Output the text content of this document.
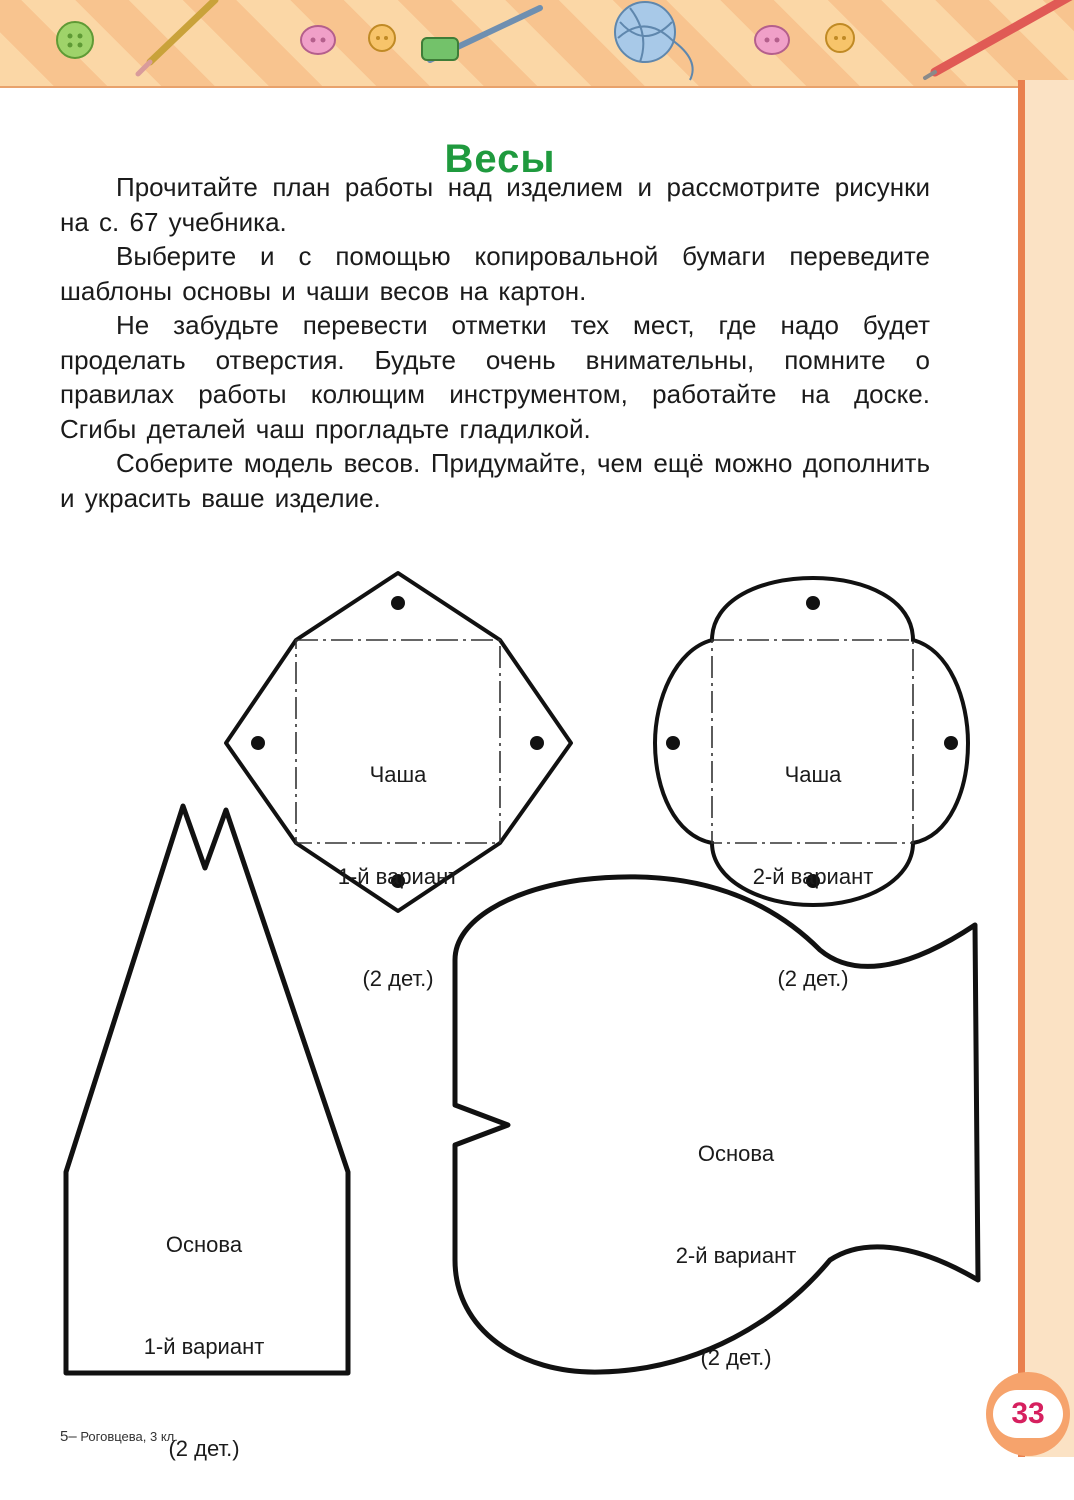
Весы

Прочитайте план работы над изделием и рассмотрите рисунки на с. 67 учебника.

Выберите и с помощью копировальной бумаги переведите шаблоны основы и чаши весов на картон.

Не забудьте перевести отметки тех мест, где надо будет проделать отверстия. Будьте очень внимательны, помните о правилах работы колющим инструментом, работайте на доске. Сгибы деталей чаш прогладьте гладилкой.

Соберите модель весов. Придумайте, чем ещё можно дополнить и украсить ваше изделие.

Чаша

1-й вариант

(2 дет.)

Чаша

2-й вариант

(2 дет.)

Основа

1-й вариант

(2 дет.)

Основа

2-й вариант

(2 дет.)

33
5– Роговцева, 3 кл.
